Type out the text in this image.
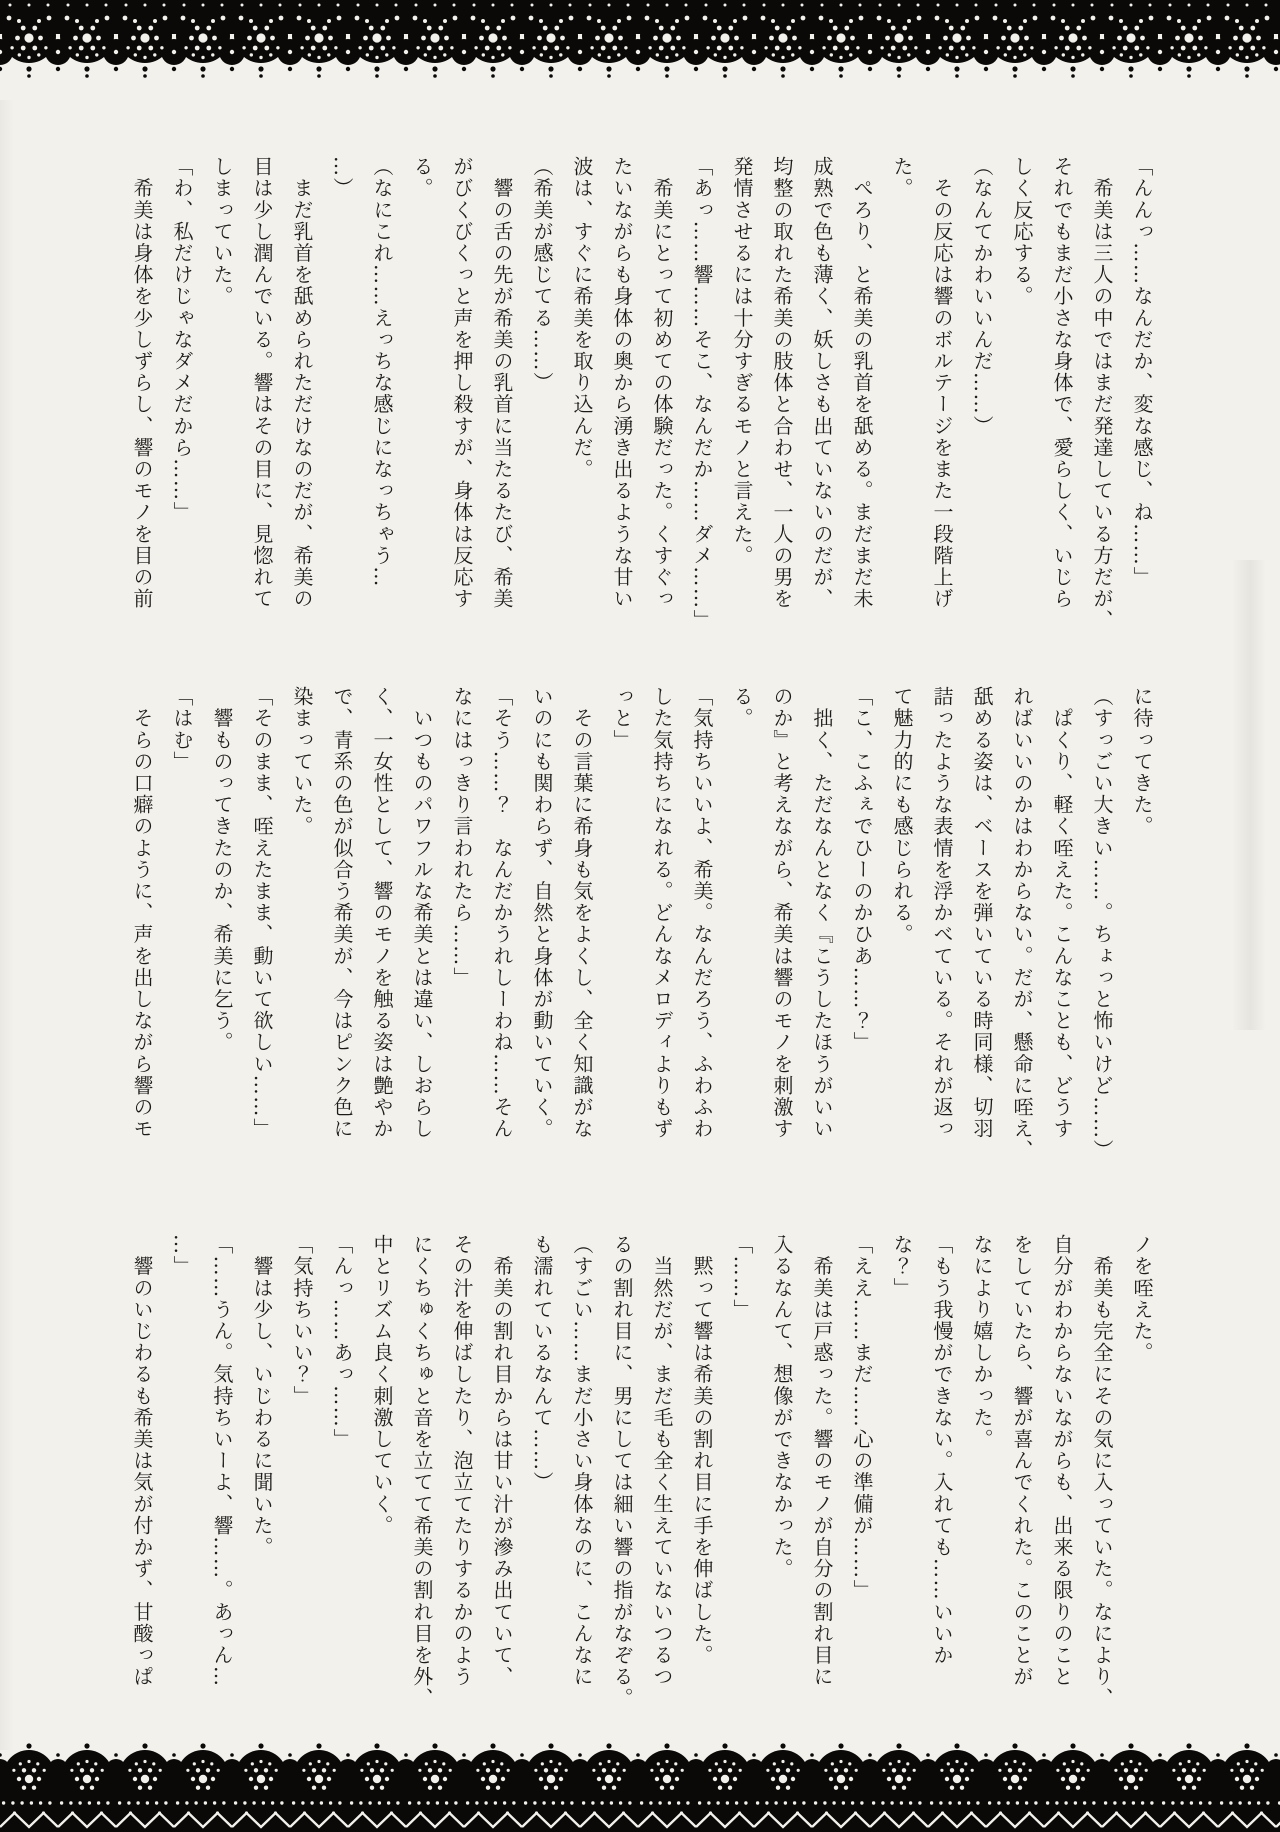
「んんっ……なんだか、変な感じ、ね……」

　希美は三人の中ではまだ発達している方だが、

それでもまだ小さな身体で、愛らしく、いじら

しく反応する。

（なんてかわいいんだ……）

　その反応は響のボルテージをまた一段階上げ

た。

　ぺろり、と希美の乳首を舐める。まだまだ未

成熟で色も薄く、妖しさも出ていないのだが、

均整の取れた希美の肢体と合わせ、一人の男を

発情させるには十分すぎるモノと言えた。

「あっ……響……そこ、なんだか……ダメ……」

　希美にとって初めての体験だった。くすぐっ

たいながらも身体の奥から湧き出るような甘い

波は、すぐに希美を取り込んだ。

（希美が感じてる……）

　響の舌の先が希美の乳首に当たるたび、希美

がびくびくっと声を押し殺すが、身体は反応す

る。

（なにこれ……えっちな感じになっちゃう…

…）

　まだ乳首を舐められただけなのだが、希美の

目は少し潤んでいる。響はその目に、見惚れて

しまっていた。

「わ、私だけじゃなダメだから……」

　希美は身体を少しずらし、響のモノを目の前

に待ってきた。

（すっごい大きい……。ちょっと怖いけど……）

　ぱくり、軽く咥えた。こんなことも、どうす

ればいいのかはわからない。だが、懸命に咥え、

舐める姿は、ベースを弾いている時同様、切羽

詰ったような表情を浮かべている。それが返っ

て魅力的にも感じられる。

「こ、こふぇでひーのかひあ……？」

　拙く、ただなんとなく『こうしたほうがいい

のか』と考えながら、希美は響のモノを刺激す

る。

「気持ちいいよ、希美。なんだろう、ふわふわ

した気持ちになれる。どんなメロディよりもず

っと」

　その言葉に希身も気をよくし、全く知識がな

いのにも関わらず、自然と身体が動いていく。

「そう……？　なんだかうれしーわね……そん

なにはっきり言われたら……」

　いつものパワフルな希美とは違い、しおらし

く、一女性として、響のモノを触る姿は艶やか

で、青系の色が似合う希美が、今はピンク色に

染まっていた。

「そのまま、咥えたまま、動いて欲しい……」

　響ものってきたのか、希美に乞う。

「はむ」

　そらの口癖のように、声を出しながら響のモ

ノを咥えた。

　希美も完全にその気に入っていた。なにより、

自分がわからないながらも、出来る限りのこと

をしていたら、響が喜んでくれた。このことが

なにより嬉しかった。

「もう我慢ができない。入れても……いいか

な？」

「ええ……まだ……心の準備が……」

　希美は戸惑った。響のモノが自分の割れ目に

入るなんて、想像ができなかった。

「……」

　黙って響は希美の割れ目に手を伸ばした。

　当然だが、まだ毛も全く生えていないつるつ

るの割れ目に、男にしては細い響の指がなぞる。

（すごい……まだ小さい身体なのに、こんなに

も濡れているなんて……）

　希美の割れ目からは甘い汁が滲み出ていて、

その汁を伸ばしたり、泡立てたりするかのよう

にくちゅくちゅと音を立てて希美の割れ目を外、

中とリズム良く刺激していく。

「んっ……あっ……」

「気持ちいい？」

　響は少し、いじわるに聞いた。

「……うん。気持ちいーよ、響……。あっん…

…」

　響のいじわるも希美は気が付かず、甘酸っぱ
